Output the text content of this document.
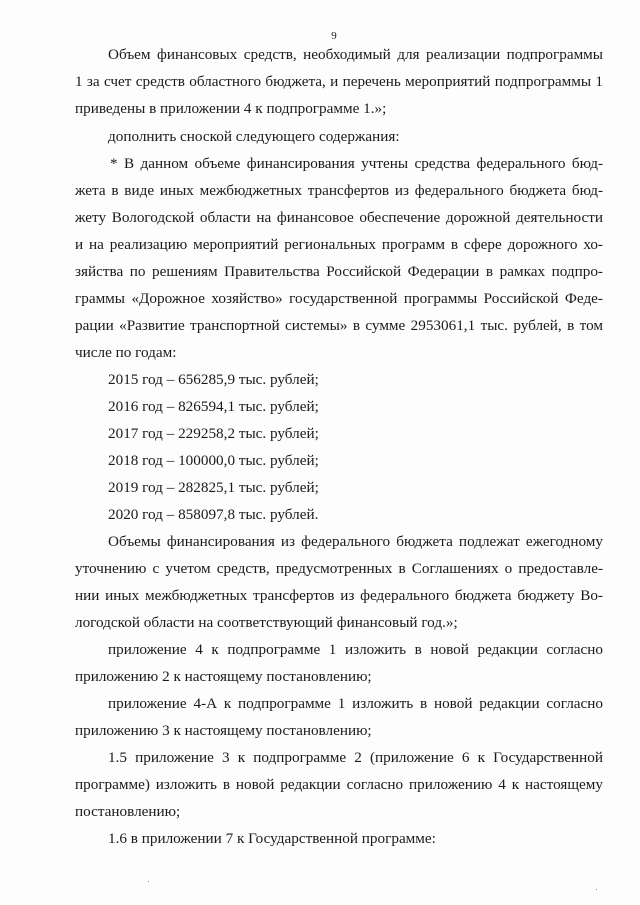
9
Объем финансовых средств, необходимый для реализации подпрограммы
1 за счет средств областного бюджета, и перечень мероприятий подпрограммы 1
приведены в приложении 4 к подпрограмме 1.»;
дополнить сноской следующего содержания:
* В данном объеме финансирования учтены средства федерального бюд-
жета в виде иных межбюджетных трансфертов из федерального бюджета бюд-
жету Вологодской области на финансовое обеспечение дорожной деятельности
и на реализацию мероприятий региональных программ в сфере дорожного хо-
зяйства по решениям Правительства Российской Федерации в рамках подпро-
граммы «Дорожное хозяйство» государственной программы Российской Феде-
рации «Развитие транспортной системы» в сумме 2953061,1 тыс. рублей, в том
числе по годам:
2015 год – 656285,9 тыс. рублей;
2016 год – 826594,1 тыс. рублей;
2017 год – 229258,2 тыс. рублей;
2018 год – 100000,0 тыс. рублей;
2019 год – 282825,1 тыс. рублей;
2020 год – 858097,8 тыс. рублей.
Объемы финансирования из федерального бюджета подлежат ежегодному
уточнению с учетом средств, предусмотренных в Соглашениях о предоставле-
нии иных межбюджетных трансфертов из федерального бюджета бюджету Во-
логодской области на соответствующий финансовый год.»;
приложение 4 к подпрограмме 1 изложить в новой редакции согласно
приложению 2 к настоящему постановлению;
приложение 4-А к подпрограмме 1 изложить в новой редакции согласно
приложению 3 к настоящему постановлению;
1.5 приложение 3 к подпрограмме 2 (приложение 6 к Государственной
программе) изложить в новой редакции согласно приложению 4 к настоящему
постановлению;
1.6 в приложении 7 к Государственной программе:
